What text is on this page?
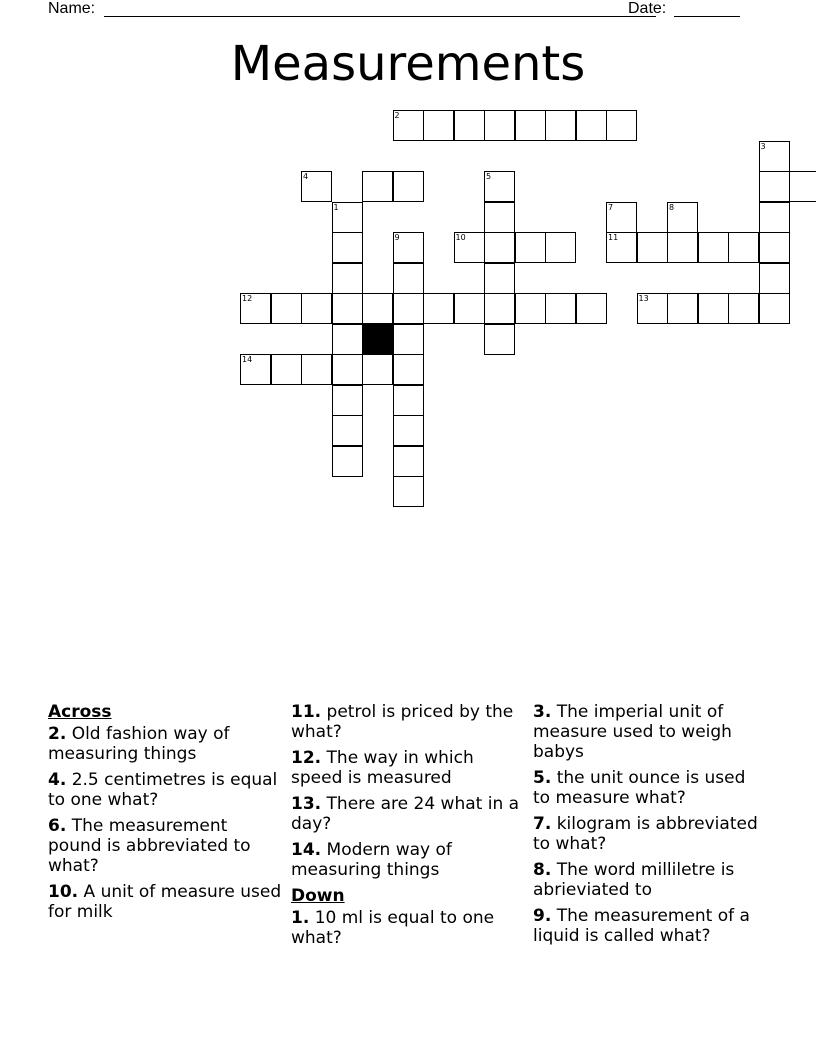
Name:	Date:
Measurements
1
2
3
4	5
7	8
9	10	11
12	13
14
Across
2. Old fashion way of measuring things
4. 2.5 centimetres is equal to one what?
6. The measurement pound is abbreviated to what?
10. A unit of measure used for milk
11. petrol is priced by the what?
12. The way in which speed is measured
13. There are 24 what in a day?
14. Modern way of measuring things
Down
1. 10 ml is equal to one what?
3. The imperial unit of measure used to weigh babys
5. the unit ounce is used to measure what?
7. kilogram is abbreviated to what?
8. The word milliletre is abrieviated to
9. The measurement of a liquid is called what?
